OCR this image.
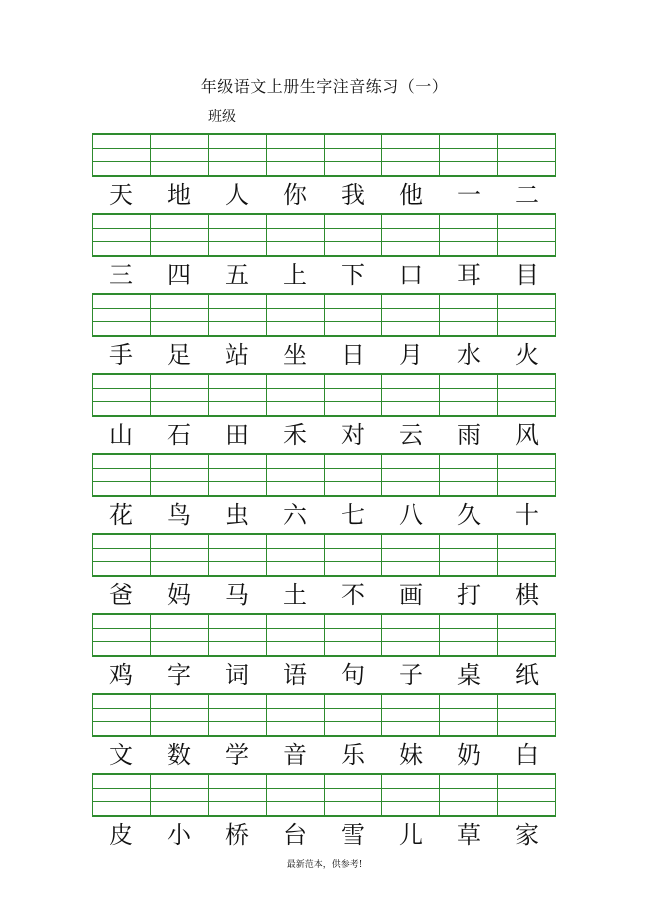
年级语文上册生字注音练习（一）
班级
天	地	人	你	我	他	一	二
三	四	五	上	下	口	耳	目
手	足	站	坐	日	月	水	火
山	石	田	禾	对	云	雨	风
花	鸟	虫	六	七	八	久	十
爸	妈	马	土	不	画	打	棋
鸡	字	词	语	句	子	桌	纸
文	数	学	音	乐	妹	奶	白
皮	小	桥	台	雪	儿	草	家
最新范本，供参考!
